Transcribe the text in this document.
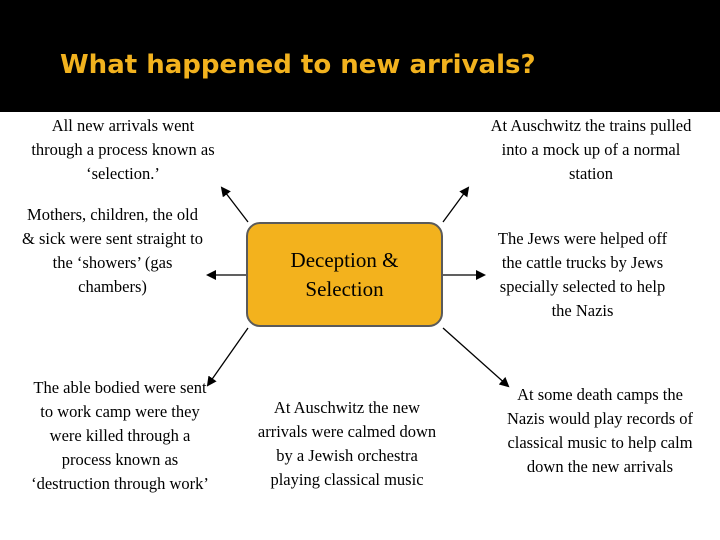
What happened to new arrivals?
Deception & Selection
All new arrivals went through a process known as ‘selection.’
Mothers, children, the old & sick were sent straight to the ‘showers’ (gas chambers)
The able bodied were sent to work camp were they were killed through a process known as ‘destruction through work’
At Auschwitz the new arrivals were calmed down by a Jewish orchestra playing classical music
At Auschwitz the trains pulled into a mock up of a normal station
The Jews were helped off the cattle trucks by Jews specially selected to help the Nazis
At some death camps the Nazis would play records of classical music to help calm down the new arrivals
